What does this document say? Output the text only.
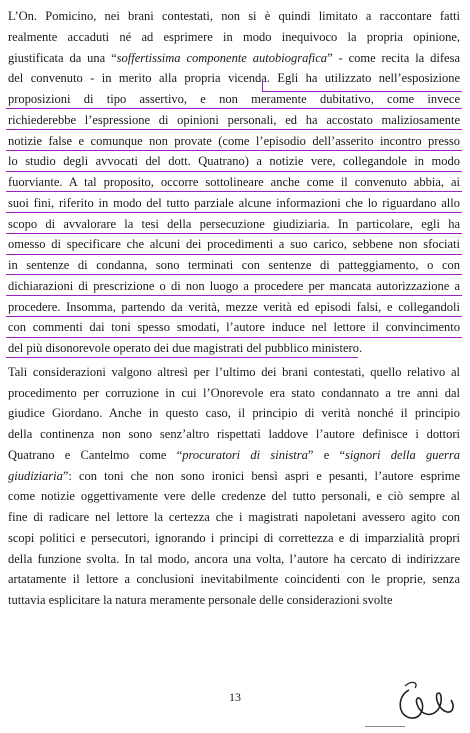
L’On. Pomicino, nei brani contestati, non si è quindi limitato a raccontare fatti
realmente accaduti né ad esprimere in modo inequivoco la propria opinione,
giustificata da una “soffertissima componente autobiografica” - come recita la difesa
del convenuto - in merito alla propria vicenda. Egli ha utilizzato nell’esposizione
proposizioni di tipo assertivo, e non meramente dubitativo, come invece
richiederebbe l’espressione di opinioni personali, ed ha accostato maliziosamente
notizie false e comunque non provate (come l’episodio dell’asserito incontro presso
lo studio degli avvocati del dott. Quatrano) a notizie vere, collegandole in modo
fuorviante. A tal proposito, occorre sottolineare anche come il convenuto abbia, ai
suoi fini, riferito in modo del tutto parziale alcune informazioni che lo riguardano allo
scopo di avvalorare la tesi della persecuzione giudiziaria. In particolare, egli ha
omesso di specificare che alcuni dei procedimenti a suo carico, sebbene non sfociati
in sentenze di condanna, sono terminati con sentenze di patteggiamento, o con
dichiarazioni di prescrizione o di non luogo a procedere per mancata autorizzazione a
procedere. Insomma, partendo da verità, mezze verità ed episodi falsi, e collegandoli
con commenti dai toni spesso smodati, l’autore induce nel lettore il convincimento
del più disonorevole operato dei due magistrati del pubblico ministero.
Tali considerazioni valgono altresì per l’ultimo dei brani contestati, quello relativo al
procedimento per corruzione in cui l’Onorevole era stato condannato a tre anni dal
giudice Giordano. Anche in questo caso, il principio di verità nonché il principio
della continenza non sono senz’altro rispettati laddove l’autore definisce i dottori
Quatrano e Cantelmo come “procuratori di sinistra” e “signori della guerra
giudiziaria”: con toni che non sono ironici bensì aspri e pesanti, l’autore esprime
come notizie oggettivamente vere delle credenze del tutto personali, e ciò sempre al
fine di radicare nel lettore la certezza che i magistrati napoletani avessero agito con
scopi politici e persecutori, ignorando i principi di correttezza e di imparzialità propri
della funzione svolta. In tal modo, ancora una volta, l’autore ha cercato di indirizzare
artatamente il lettore a conclusioni inevitabilmente coincidenti con le proprie, senza
tuttavia esplicitare la natura meramente personale delle considerazioni svolte
13
